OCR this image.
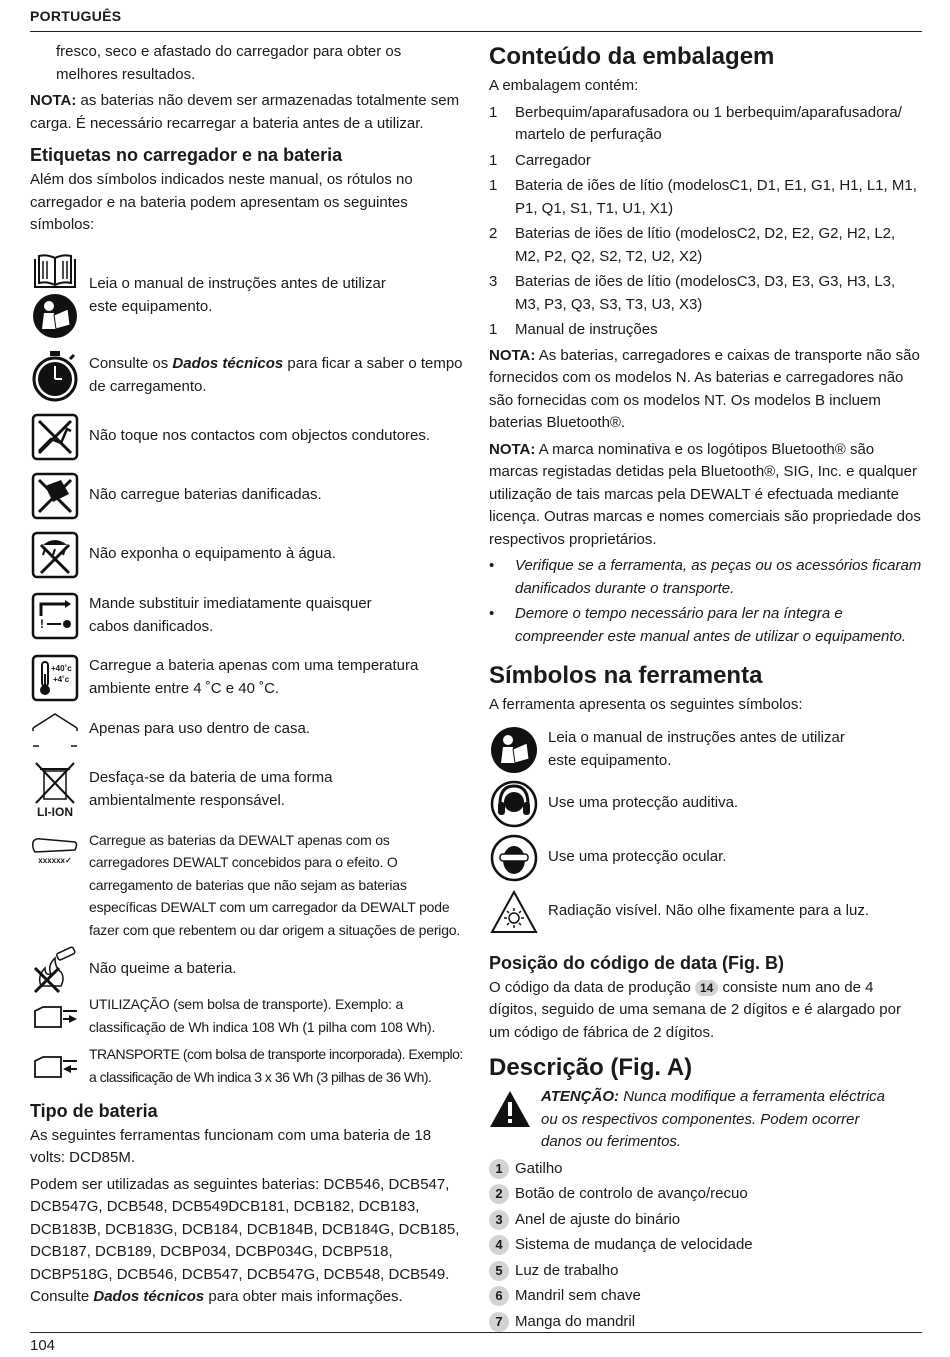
PORTUGUÊS

fresco, seco e afastado do carregador para obter os melhores resultados.

NOTA: as baterias não devem ser armazenadas totalmente sem carga. É necessário recarregar a bateria antes de a utilizar.

Etiquetas no carregador e na bateria

Além dos símbolos indicados neste manual, os rótulos no carregador e na bateria podem apresentam os seguintes símbolos:

Leia o manual de instruções antes de utilizar este equipamento.
Consulte os Dados técnicos para ficar a saber o tempo de carregamento.
Não toque nos contactos com objectos condutores.
Não carregue baterias danificadas.
Não exponha o equipamento à água.
!
Mande substituir imediatamente quaisquer cabos danificados.
+40˚c
+4˚c
Carregue a bateria apenas com uma temperatura ambiente entre 4 ˚C e 40 ˚C.
Apenas para uso dentro de casa.
LI-ION
Desfaça-se da bateria de uma forma ambientalmente responsável.
xxxxxx✓
Carregue as baterias da DEWALT apenas com os carregadores DEWALT concebidos para o efeito. O carregamento de baterias que não sejam as baterias específicas DEWALT com um carregador da DEWALT pode fazer com que rebentem ou dar origem a situações de perigo.
Não queime a bateria.
UTILIZAÇÃO (sem bolsa de transporte). Exemplo: a classificação de Wh indica 108 Wh (1 pilha com 108 Wh).
TRANSPORTE (com bolsa de transporte incorporada). Exemplo: a classificação de Wh indica 3 x 36 Wh (3 pilhas de 36 Wh).
Tipo de bateria

As seguintes ferramentas funcionam com uma bateria de 18 volts: DCD85M.

Podem ser utilizadas as seguintes baterias: DCB546, DCB547, DCB547G, DCB548, DCB549DCB181, DCB182, DCB183, DCB183B, DCB183G, DCB184, DCB184B, DCB184G, DCB185, DCB187, DCB189, DCBP034, DCBP034G, DCBP518, DCBP518G, DCB546, DCB547, DCB547G, DCB548, DCB549. Consulte Dados técnicos para obter mais informações.

Conteúdo da embalagem

A embalagem contém:

1	Berbequim/aparafusadora ou 1 berbequim/aparafusadora/ martelo de perfuração
1	Carregador
1	Bateria de iões de lítio (modelosC1, D1, E1, G1, H1, L1, M1, P1, Q1, S1, T1, U1, X1)
2	Baterias de iões de lítio (modelosC2, D2, E2, G2, H2, L2, M2, P2, Q2, S2, T2, U2, X2)
3	Baterias de iões de lítio (modelosC3, D3, E3, G3, H3, L3, M3, P3, Q3, S3, T3, U3, X3)
1	Manual de instruções

NOTA: As baterias, carregadores e caixas de transporte não são fornecidos com os modelos N. As baterias e carregadores não são fornecidas com os modelos NT. Os modelos B incluem baterias Bluetooth®.

NOTA: A marca nominativa e os logótipos Bluetooth® são marcas registadas detidas pela Bluetooth®, SIG, Inc. e qualquer utilização de tais marcas pela DEWALT é efectuada mediante licença. Outras marcas e nomes comerciais são propriedade dos respectivos proprietários.

•	Verifique se a ferramenta, as peças ou os acessórios ficaram danificados durante o transporte.
•	Demore o tempo necessário para ler na íntegra e compreender este manual antes de utilizar o equipamento.
Símbolos na ferramenta

A ferramenta apresenta os seguintes símbolos:

Leia o manual de instruções antes de utilizar este equipamento.
Use uma protecção auditiva.
Use uma protecção ocular.
Radiação visível. Não olhe fixamente para a luz.
Posição do código de data (Fig. B)

O código da data de produção 14 consiste num ano de 4 dígitos, seguido de uma semana de 2 dígitos e é alargado por um código de fábrica de 2 dígitos.

Descrição (Fig. A)
ATENÇÃO: Nunca modifique a ferramenta eléctrica ou os respectivos componentes. Podem ocorrer danos ou ferimentos.
1 Gatilho
2 Botão de controlo de avanço/recuo
3 Anel de ajuste do binário
4 Sistema de mudança de velocidade
5 Luz de trabalho
6 Mandril sem chave
7 Manga do mandril
104
